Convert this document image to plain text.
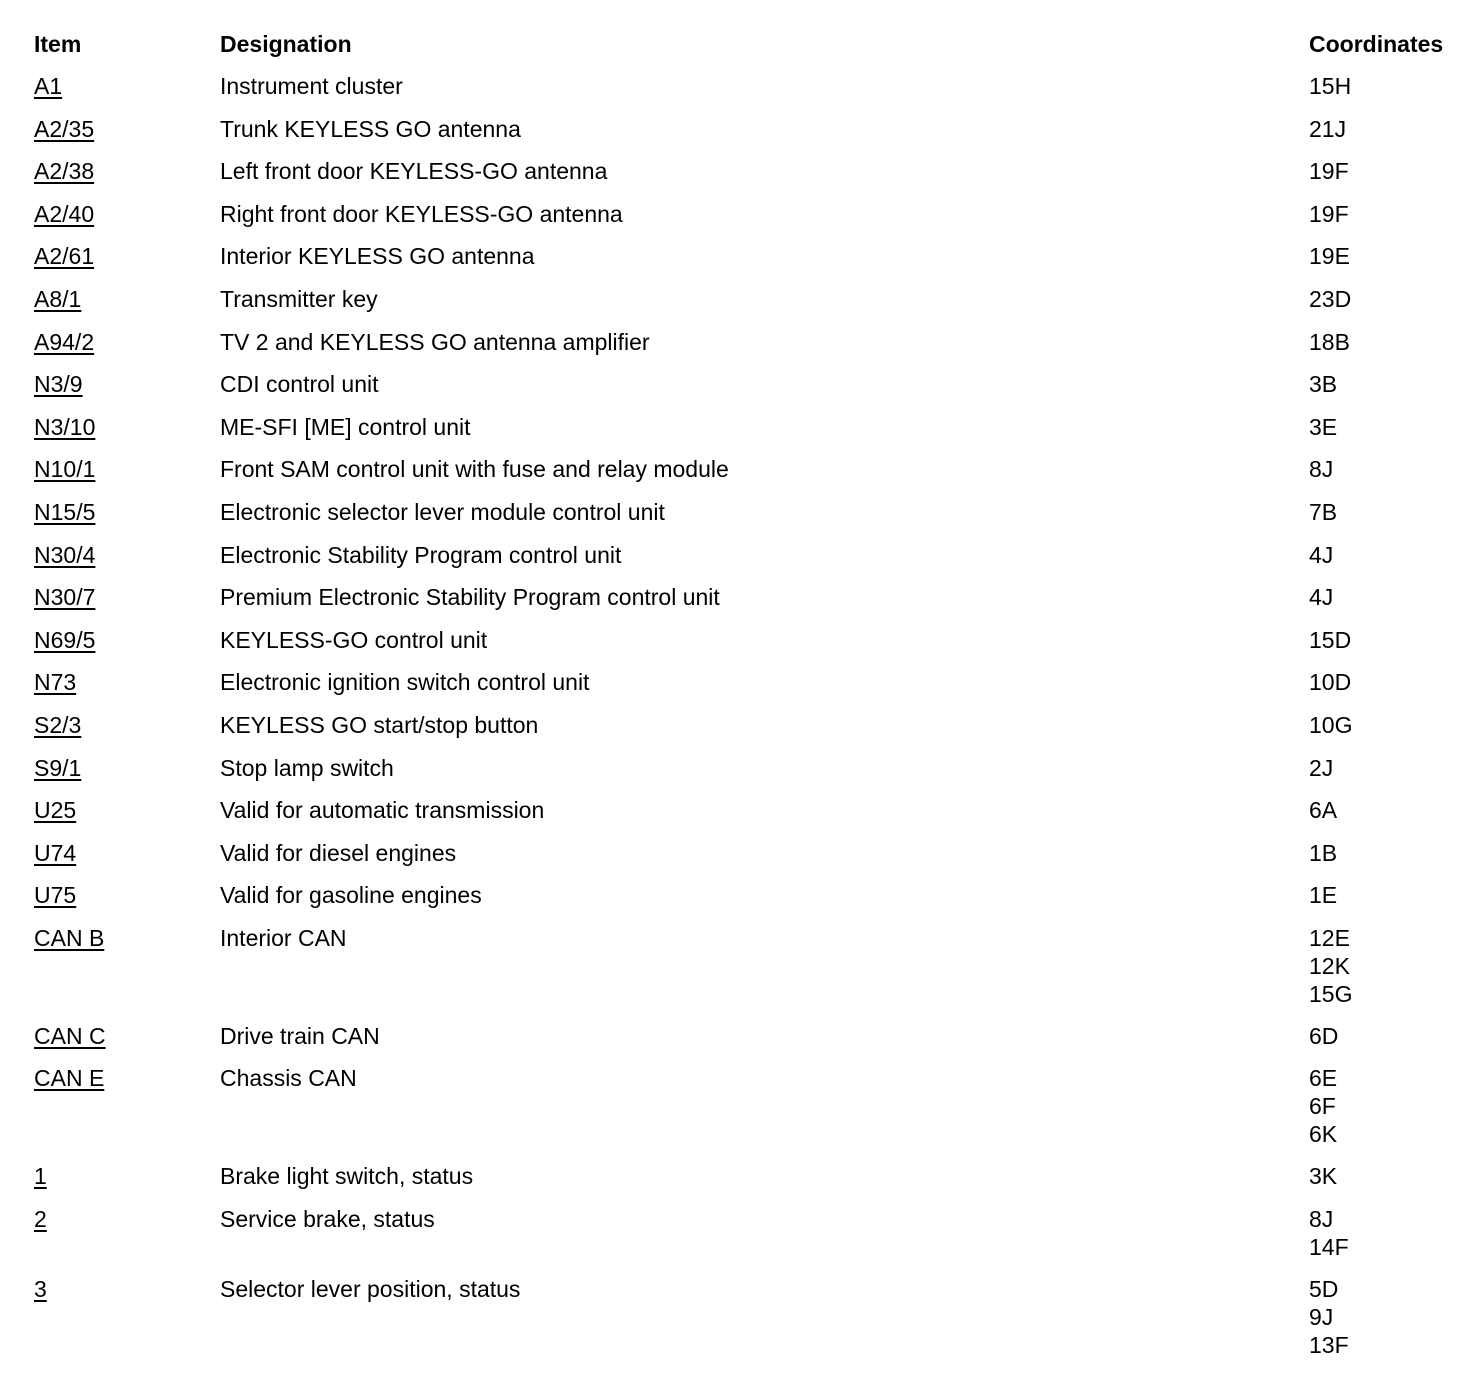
Item	Designation	Coordinates
A1	Instrument cluster	15H
A2/35	Trunk KEYLESS GO antenna	21J
A2/38	Left front door KEYLESS-GO antenna	19F
A2/40	Right front door KEYLESS-GO antenna	19F
A2/61	Interior KEYLESS GO antenna	19E
A8/1	Transmitter key	23D
A94/2	TV 2 and KEYLESS GO antenna amplifier	18B
N3/9	CDI control unit	3B
N3/10	ME-SFI [ME] control unit	3E
N10/1	Front SAM control unit with fuse and relay module	8J
N15/5	Electronic selector lever module control unit	7B
N30/4	Electronic Stability Program control unit	4J
N30/7	Premium Electronic Stability Program control unit	4J
N69/5	KEYLESS-GO control unit	15D
N73	Electronic ignition switch control unit	10D
S2/3	KEYLESS GO start/stop button	10G
S9/1	Stop lamp switch	2J
U25	Valid for automatic transmission	6A
U74	Valid for diesel engines	1B
U75	Valid for gasoline engines	1E
CAN B	Interior CAN	12E
12K
15G
CAN C	Drive train CAN	6D
CAN E	Chassis CAN	6E
6F
6K
1	Brake light switch, status	3K
2	Service brake, status	8J
14F
3	Selector lever position, status	5D
9J
13F
